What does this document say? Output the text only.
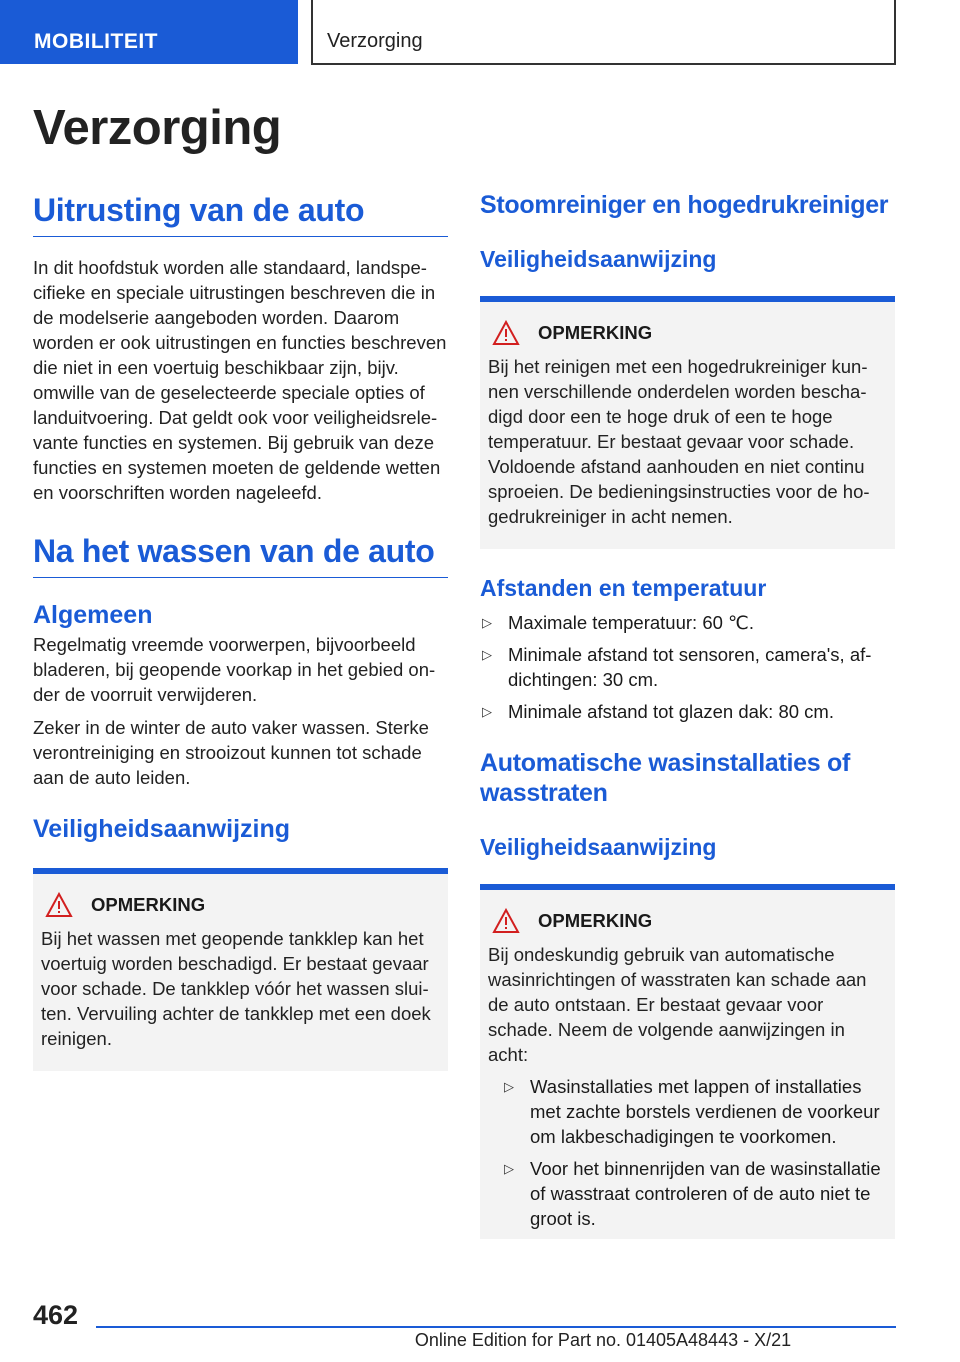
MOBILITEIT	Verzorging
Verzorging
Uitrusting van de auto

In dit hoofdstuk worden alle standaard, landspecifieke en speciale uitrustingen beschreven die in de modelserie aangeboden worden. Daarom worden er ook uitrustingen en functies beschreven die niet in een voertuig beschikbaar zijn, bijv. omwille van de geselecteerde speciale opties of landuitvoering. Dat geldt ook voor veiligheidsrelevante functies en systemen. Bij gebruik van deze functies en systemen moeten de geldende wetten en voorschriften worden nageleefd.

Na het wassen van de auto
Algemeen

Regelmatig vreemde voorwerpen, bijvoorbeeld bladeren, bij geopende voorkap in het gebied onder de voorruit verwijderen.

Zeker in de winter de auto vaker wassen. Sterke verontreiniging en strooizout kunnen tot schade aan de auto leiden.

Veiligheidsaanwijzing
OPMERKING

Bij het wassen met geopende tankklep kan het voertuig worden beschadigd. Er bestaat gevaar voor schade. De tankklep vóór het wassen sluiten. Vervuiling achter de tankklep met een doek reinigen.

Stoomreiniger en hogedrukreiniger
Veiligheidsaanwijzing
OPMERKING

Bij het reinigen met een hogedrukreiniger kunnen verschillende onderdelen worden beschadigd door een te hoge druk of een te hoge temperatuur. Er bestaat gevaar voor schade. Voldoende afstand aanhouden en niet continu sproeien. De bedieningsinstructies voor de hogedrukreiniger in acht nemen.

Afstanden en temperatuur
▷ Maximale temperatuur: 60 ℃.
▷ Minimale afstand tot sensoren, camera's, afdichtingen: 30 cm.
▷ Minimale afstand tot glazen dak: 80 cm.
Automatische wasinstallaties of wasstraten
Veiligheidsaanwijzing
OPMERKING

Bij ondeskundig gebruik van automatische wasinrichtingen of wasstraten kan schade aan de auto ontstaan. Er bestaat gevaar voor schade. Neem de volgende aanwijzingen in acht:

▷ Wasinstallaties met lappen of installaties met zachte borstels verdienen de voorkeur om lakbeschadigingen te voorkomen.
▷ Voor het binnenrijden van de wasinstallatie of wasstraat controleren of de auto niet te groot is.
462
Online Edition for Part no. 01405A48443 - X/21
